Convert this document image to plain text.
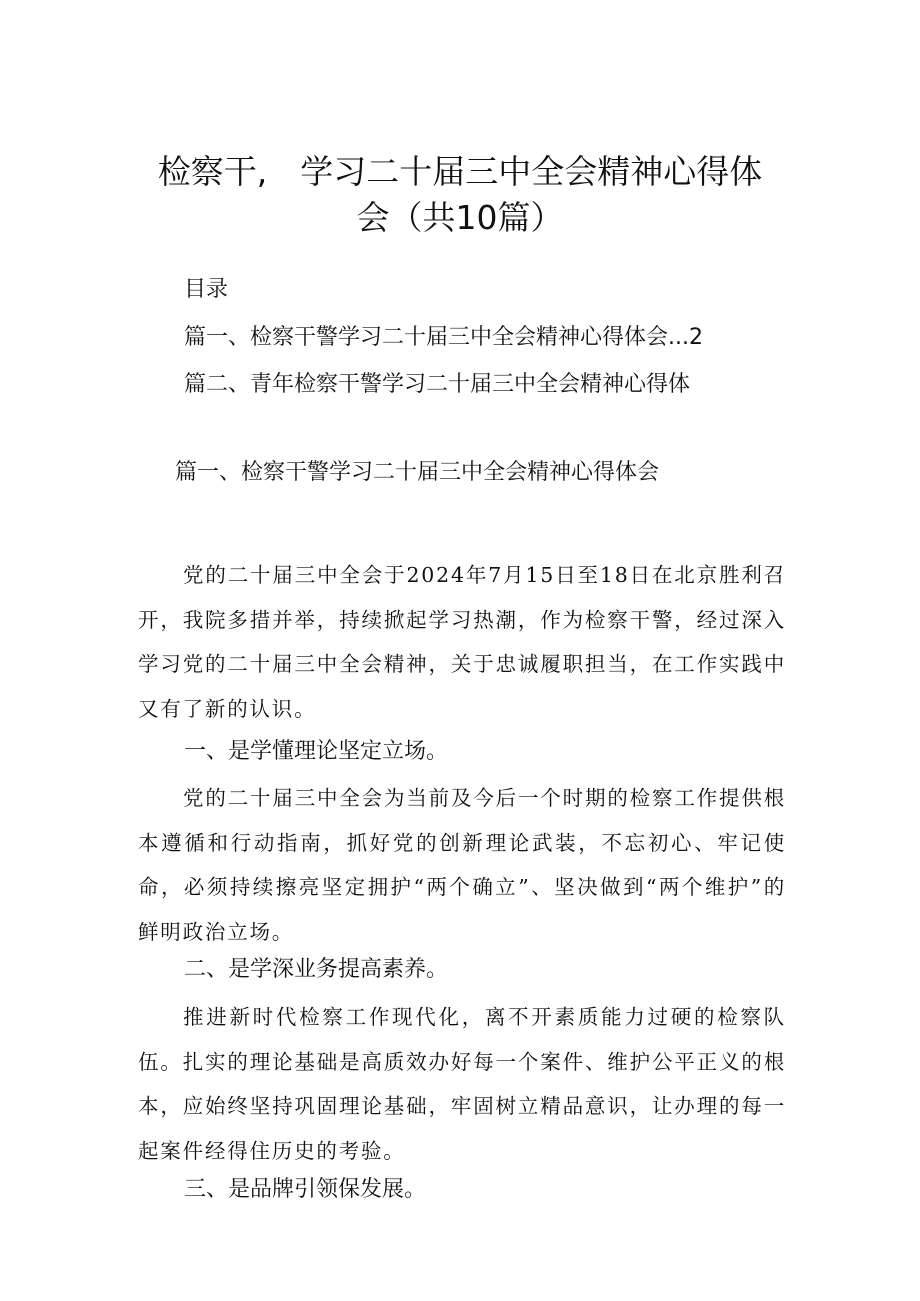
检察干,　学习二十届三中全会精神心得体
会（共10篇）
目录
篇一、检察干警学习二十届三中全会精神心得体会...2
篇二、青年检察干警学习二十届三中全会精神心得体
篇一、检察干警学习二十届三中全会精神心得体会

党的二十届三中全会于2024年7月15日至18日在北京胜利召开，我院多措并举，持续掀起学习热潮，作为检察干警，经过深入学习党的二十届三中全会精神，关于忠诚履职担当，在工作实践中又有了新的认识。

一、是学懂理论坚定立场。

党的二十届三中全会为当前及今后一个时期的检察工作提供根本遵循和行动指南，抓好党的创新理论武装，不忘初心、牢记使命，必须持续擦亮坚定拥护“两个确立”、坚决做到“两个维护”的鲜明政治立场。

二、是学深业务提高素养。

推进新时代检察工作现代化，离不开素质能力过硬的检察队伍。扎实的理论基础是高质效办好每一个案件、维护公平正义的根本，应始终坚持巩固理论基础，牢固树立精品意识，让办理的每一起案件经得住历史的考验。

三、是品牌引领保发展。
